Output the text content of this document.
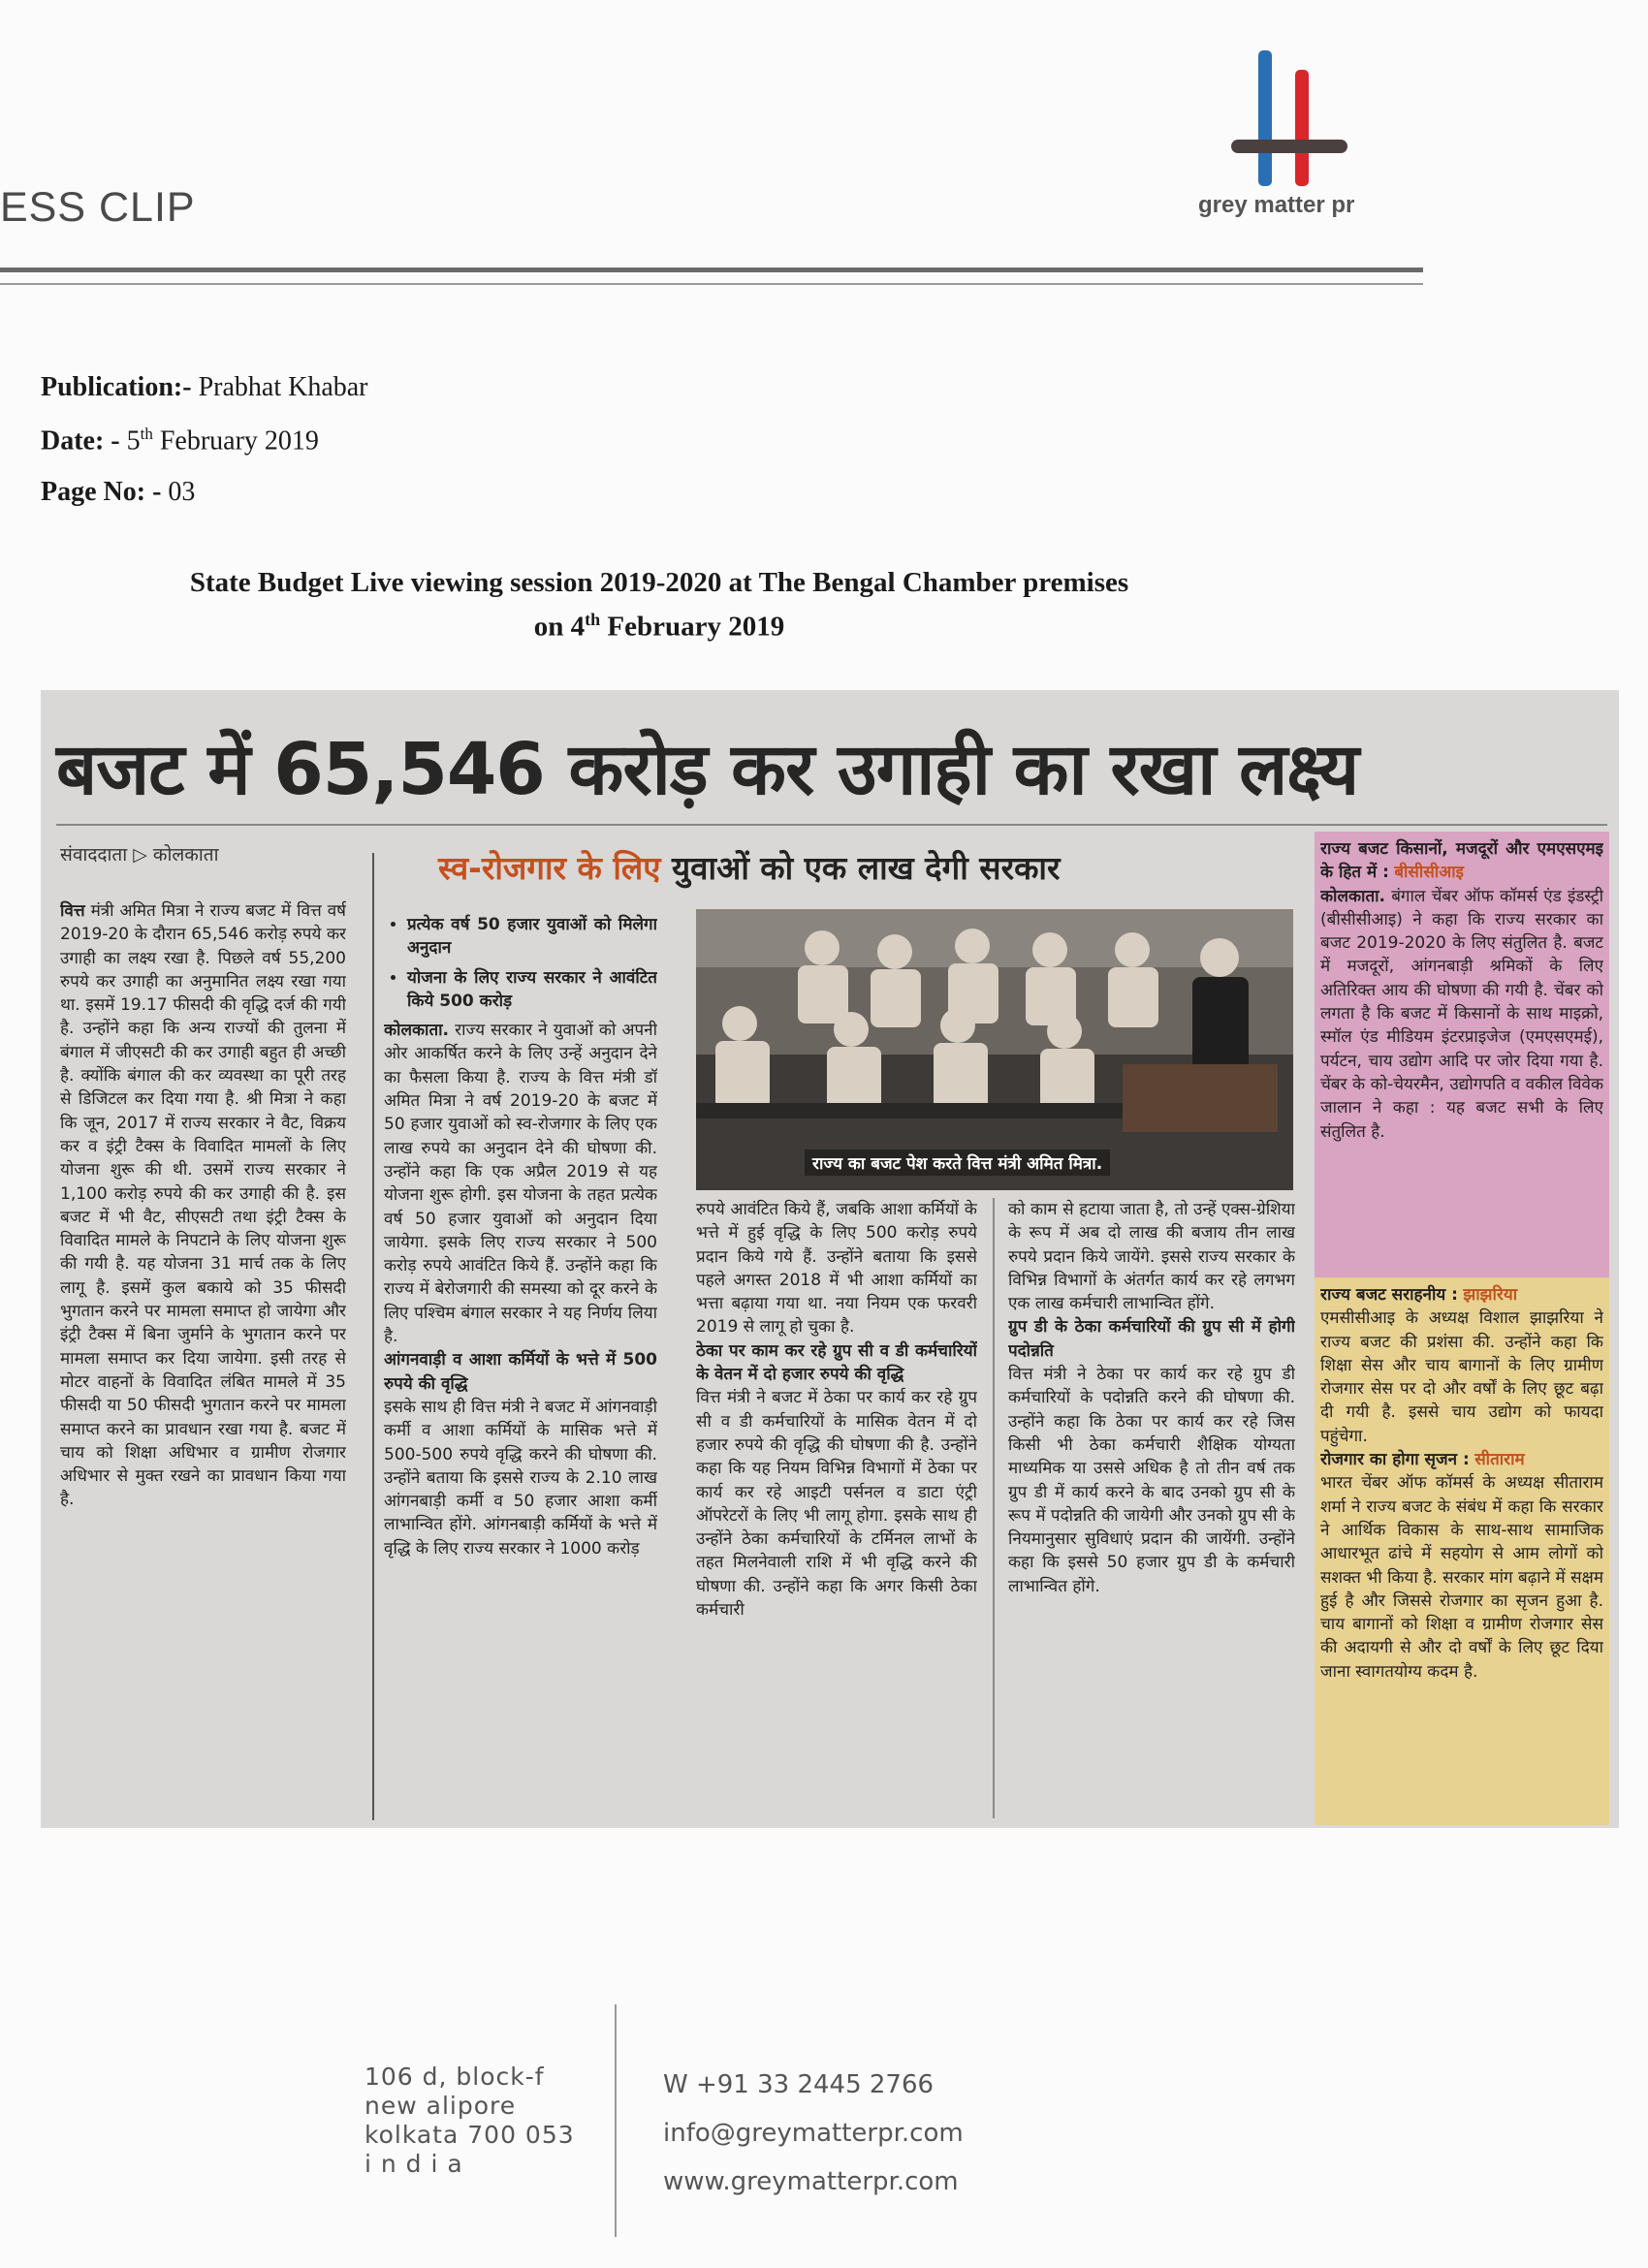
ESS CLIP	grey matter pr
Publication:- Prabhat Khabar
Date: - 5th February 2019
Page No: - 03
State Budget Live viewing session 2019-2020 at The Bengal Chamber premises
on 4th February 2019
बजट में 65,546 करोड़ कर उगाही का रखा लक्ष्य
संवाददाता ▷ कोलकाता

वित्त मंत्री अमित मित्रा ने राज्य बजट में वित्त वर्ष 2019-20 के दौरान 65,546 करोड़ रुपये कर उगाही का लक्ष्य रखा है. पिछले वर्ष 55,200 रुपये कर उगाही का अनुमानित लक्ष्य रखा गया था. इसमें 19.17 फीसदी की वृद्धि दर्ज की गयी है. उन्होंने कहा कि अन्य राज्यों की तुलना में बंगाल में जीएसटी की कर उगाही बहुत ही अच्छी है. क्योंकि बंगाल की कर व्यवस्था का पूरी तरह से डिजिटल कर दिया गया है. श्री मित्रा ने कहा कि जून, 2017 में राज्य सरकार ने वैट, विक्रय कर व इंट्री टैक्स के विवादित मामलों के लिए योजना शुरू की थी. उसमें राज्य सरकार ने 1,100 करोड़ रुपये की कर उगाही की है. इस बजट में भी वैट, सीएसटी तथा इंट्री टैक्स के विवादित मामले के निपटाने के लिए योजना शुरू की गयी है. यह योजना 31 मार्च तक के लिए लागू है. इसमें कुल बकाये को 35 फीसदी भुगतान करने पर मामला समाप्त हो जायेगा और इंट्री टैक्स में बिना जुर्माने के भुगतान करने पर मामला समाप्त कर दिया जायेगा. इसी तरह से मोटर वाहनों के विवादित लंबित मामले में 35 फीसदी या 50 फीसदी भुगतान करने पर मामला समाप्त करने का प्रावधान रखा गया है. बजट में चाय को शिक्षा अधिभार व ग्रामीण रोजगार अधिभार से मुक्त रखने का प्रावधान किया गया है.

स्व-रोजगार के लिए युवाओं को एक लाख देगी सरकार
• प्रत्येक वर्ष 50 हजार युवाओं को मिलेगा अनुदान
• योजना के लिए राज्य सरकार ने आवंटित किये 500 करोड़

कोलकाता. राज्य सरकार ने युवाओं को अपनी ओर आकर्षित करने के लिए उन्हें अनुदान देने का फैसला किया है. राज्य के वित्त मंत्री डॉ अमित मित्रा ने वर्ष 2019-20 के बजट में 50 हजार युवाओं को स्व-रोजगार के लिए एक लाख रुपये का अनुदान देने की घोषणा की. उन्होंने कहा कि एक अप्रैल 2019 से यह योजना शुरू होगी. इस योजना के तहत प्रत्येक वर्ष 50 हजार युवाओं को अनुदान दिया जायेगा. इसके लिए राज्य सरकार ने 500 करोड़ रुपये आवंटित किये हैं. उन्होंने कहा कि राज्य में बेरोजगारी की समस्या को दूर करने के लिए पश्चिम बंगाल सरकार ने यह निर्णय लिया है.

आंगनवाड़ी व आशा कर्मियों के भत्ते में 500 रुपये की वृद्धि

इसके साथ ही वित्त मंत्री ने बजट में आंगनवाड़ी कर्मी व आशा कर्मियों के मासिक भत्ते में 500-500 रुपये वृद्धि करने की घोषणा की. उन्होंने बताया कि इससे राज्य के 2.10 लाख आंगनबाड़ी कर्मी व 50 हजार आशा कर्मी लाभान्वित होंगे. आंगनबाड़ी कर्मियों के भत्ते में वृद्धि के लिए राज्य सरकार ने 1000 करोड़

राज्य का बजट पेश करते वित्त मंत्री अमित मित्रा.

रुपये आवंटित किये हैं, जबकि आशा कर्मियों के भत्ते में हुई वृद्धि के लिए 500 करोड़ रुपये प्रदान किये गये हैं. उन्होंने बताया कि इससे पहले अगस्त 2018 में भी आशा कर्मियों का भत्ता बढ़ाया गया था. नया नियम एक फरवरी 2019 से लागू हो चुका है.

ठेका पर काम कर रहे ग्रुप सी व डी कर्मचारियों के वेतन में दो हजार रुपये की वृद्धि

वित्त मंत्री ने बजट में ठेका पर कार्य कर रहे ग्रुप सी व डी कर्मचारियों के मासिक वेतन में दो हजार रुपये की वृद्धि की घोषणा की है. उन्होंने कहा कि यह नियम विभिन्न विभागों में ठेका पर कार्य कर रहे आइटी पर्सनल व डाटा एंट्री ऑपरेटरों के लिए भी लागू होगा. इसके साथ ही उन्होंने ठेका कर्मचारियों के टर्मिनल लाभों के तहत मिलनेवाली राशि में भी वृद्धि करने की घोषणा की. उन्होंने कहा कि अगर किसी ठेका कर्मचारी

को काम से हटाया जाता है, तो उन्हें एक्स-ग्रेशिया के रूप में अब दो लाख की बजाय तीन लाख रुपये प्रदान किये जायेंगे. इससे राज्य सरकार के विभिन्न विभागों के अंतर्गत कार्य कर रहे लगभग एक लाख कर्मचारी लाभान्वित होंगे.

ग्रुप डी के ठेका कर्मचारियों की ग्रुप सी में होगी पदोन्नति

वित्त मंत्री ने ठेका पर कार्य कर रहे ग्रुप डी कर्मचारियों के पदोन्नति करने की घोषणा की. उन्होंने कहा कि ठेका पर कार्य कर रहे जिस किसी भी ठेका कर्मचारी शैक्षिक योग्यता माध्यमिक या उससे अधिक है तो तीन वर्ष तक ग्रुप डी में कार्य करने के बाद उनको ग्रुप सी के रूप में पदोन्नति की जायेगी और उनको ग्रुप सी के नियमानुसार सुविधाएं प्रदान की जायेंगी. उन्होंने कहा कि इससे 50 हजार ग्रुप डी के कर्मचारी लाभान्वित होंगे.

राज्य बजट किसानों, मजदूरों और एमएसएमइ के हित में : बीसीसीआइ

कोलकाता. बंगाल चेंबर ऑफ कॉमर्स एंड इंडस्ट्री (बीसीसीआइ) ने कहा कि राज्य सरकार का बजट 2019-2020 के लिए संतुलित है. बजट में मजदूरों, आंगनबाड़ी श्रमिकों के लिए अतिरिक्त आय की घोषणा की गयी है. चेंबर को लगता है कि बजट में किसानों के साथ माइक्रो, स्मॉल एंड मीडियम इंटरप्राइजेज (एमएसएमई), पर्यटन, चाय उद्योग आदि पर जोर दिया गया है. चेंबर के को-चेयरमैन, उद्योगपति व वकील विवेक जालान ने कहा : यह बजट सभी के लिए संतुलित है.

राज्य बजट सराहनीय : झाझरिया

एमसीसीआइ के अध्यक्ष विशाल झाझरिया ने राज्य बजट की प्रशंसा की. उन्होंने कहा कि शिक्षा सेस और चाय बागानों के लिए ग्रामीण रोजगार सेस पर दो और वर्षों के लिए छूट बढ़ा दी गयी है. इससे चाय उद्योग को फायदा पहुंचेगा.

रोजगार का होगा सृजन : सीताराम

भारत चेंबर ऑफ कॉमर्स के अध्यक्ष सीताराम शर्मा ने राज्य बजट के संबंध में कहा कि सरकार ने आर्थिक विकास के साथ-साथ सामाजिक आधारभूत ढांचे में सहयोग से आम लोगों को सशक्त भी किया है. सरकार मांग बढ़ाने में सक्षम हुई है और जिससे रोजगार का सृजन हुआ है. चाय बागानों को शिक्षा व ग्रामीण रोजगार सेस की अदायगी से और दो वर्षों के लिए छूट दिया जाना स्वागतयोग्य कदम है.

106 d, block-f
new alipore
kolkata 700 053
i n d i a
W +91 33 2445 2766
info@greymatterpr.com
www.greymatterpr.com
